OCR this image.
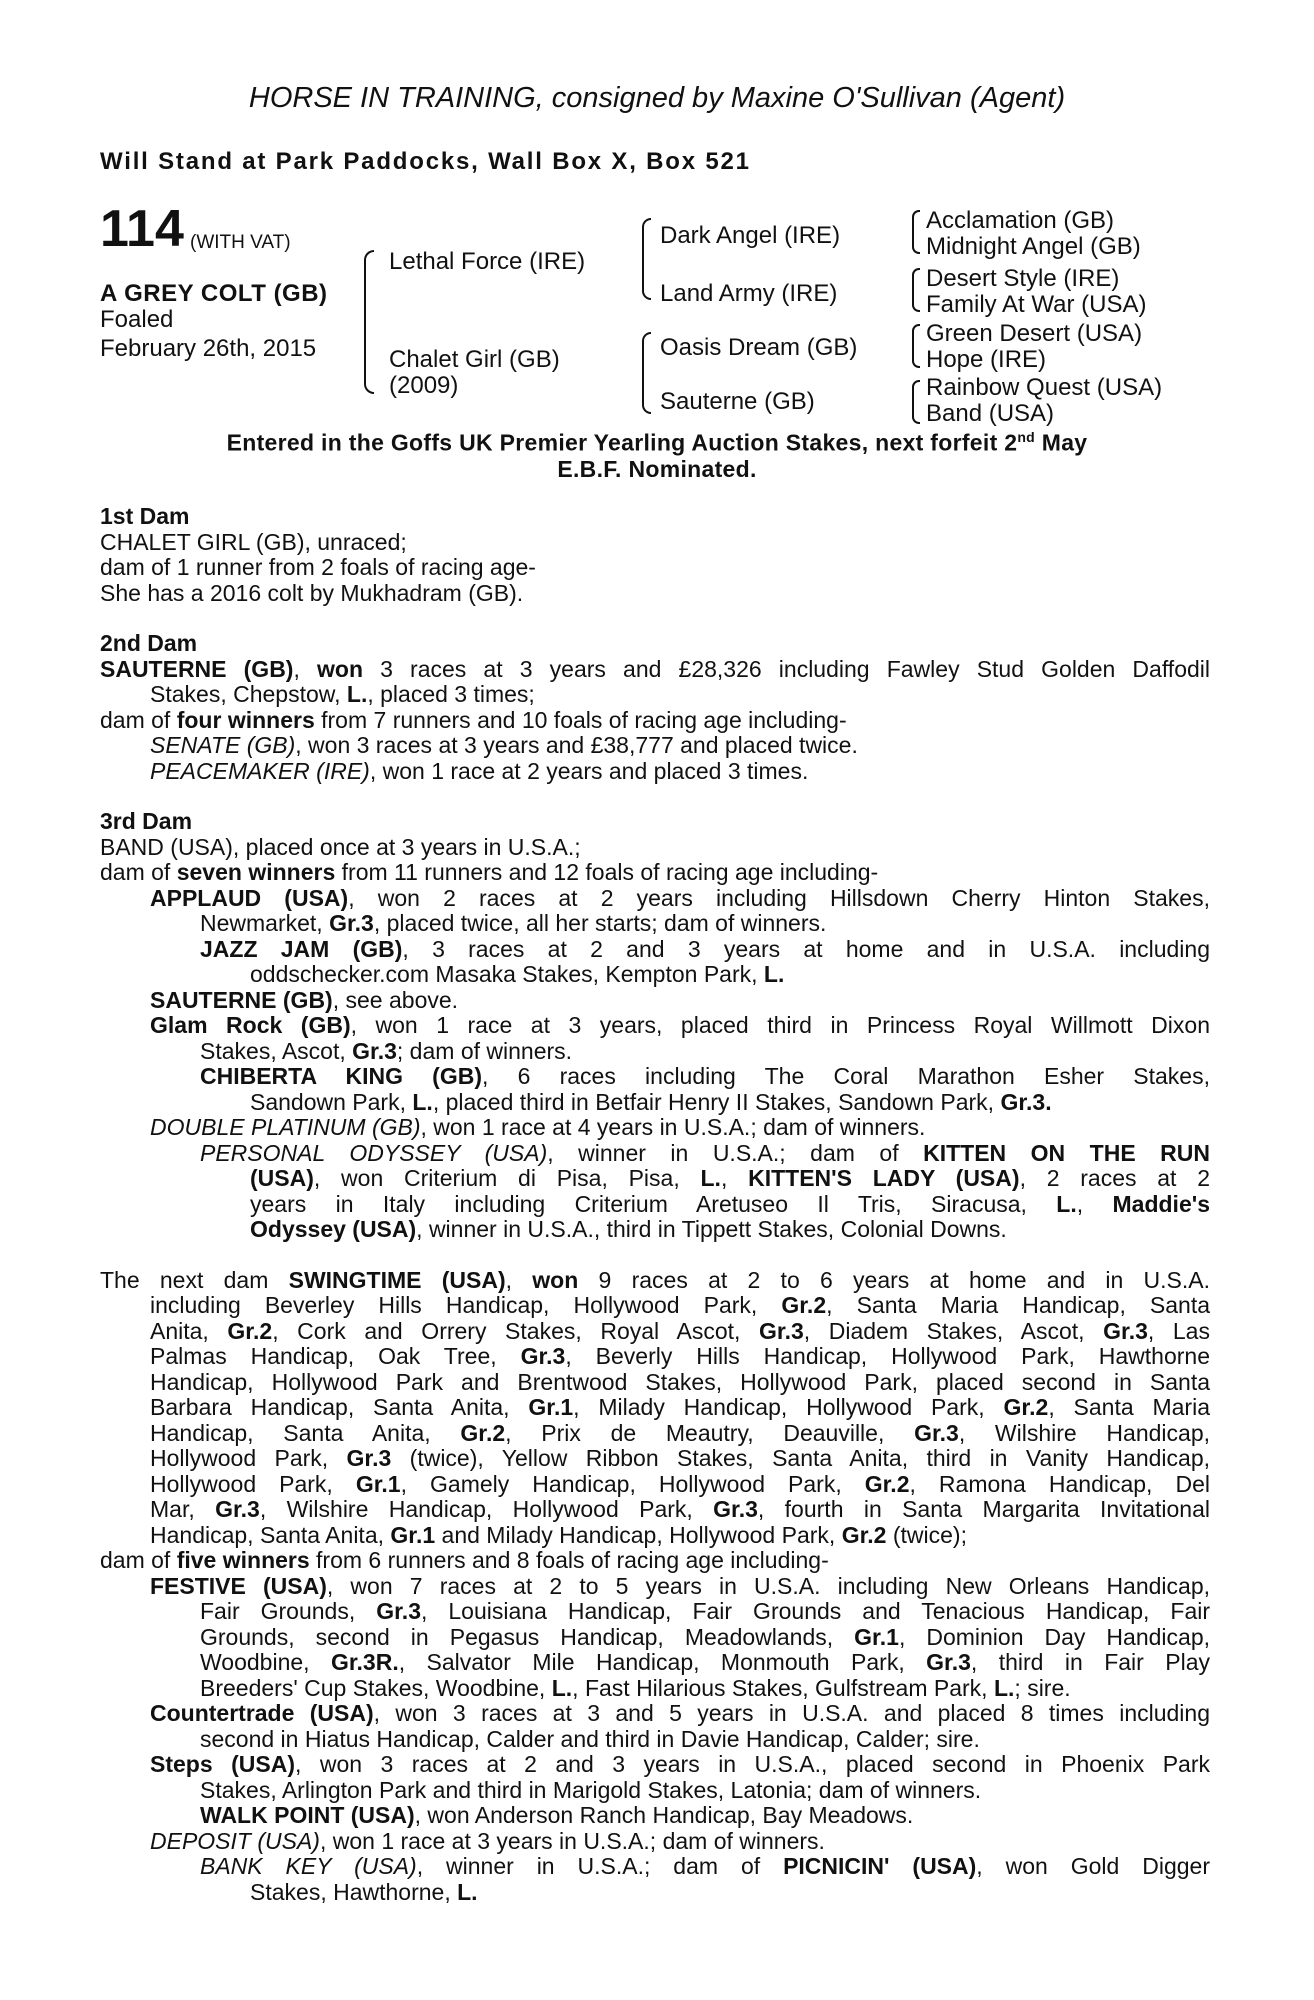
HORSE IN TRAINING, consigned by Maxine O'Sullivan (Agent)
Will Stand at Park Paddocks, Wall Box X, Box 521
114 (WITH VAT)
A GREY COLT (GB)
Foaled
February 26th, 2015
Lethal Force (IRE)
Chalet Girl (GB)
(2009)
Dark Angel (IRE)
Land Army (IRE)
Oasis Dream (GB)
Sauterne (GB)
Acclamation (GB)
Midnight Angel (GB)
Desert Style (IRE)
Family At War (USA)
Green Desert (USA)
Hope (IRE)
Rainbow Quest (USA)
Band (USA)
Entered in the Goffs UK Premier Yearling Auction Stakes, next forfeit 2nd May
E.B.F. Nominated.
1st Dam
CHALET GIRL (GB), unraced;
dam of 1 runner from 2 foals of racing age-
She has a 2016 colt by Mukhadram (GB).
2nd Dam
SAUTERNE (GB), won 3 races at 3 years and £28,326 including Fawley Stud Golden Daffodil
Stakes, Chepstow, L., placed 3 times;
dam of four winners from 7 runners and 10 foals of racing age including-
SENATE (GB), won 3 races at 3 years and £38,777 and placed twice.
PEACEMAKER (IRE), won 1 race at 2 years and placed 3 times.
3rd Dam
BAND (USA), placed once at 3 years in U.S.A.;
dam of seven winners from 11 runners and 12 foals of racing age including-
APPLAUD (USA), won 2 races at 2 years including Hillsdown Cherry Hinton Stakes,
Newmarket, Gr.3, placed twice, all her starts; dam of winners.
JAZZ JAM (GB), 3 races at 2 and 3 years at home and in U.S.A. including
oddschecker.com Masaka Stakes, Kempton Park, L.
SAUTERNE (GB), see above.
Glam Rock (GB), won 1 race at 3 years, placed third in Princess Royal Willmott Dixon
Stakes, Ascot, Gr.3; dam of winners.
CHIBERTA KING (GB), 6 races including The Coral Marathon Esher Stakes,
Sandown Park, L., placed third in Betfair Henry II Stakes, Sandown Park, Gr.3.
DOUBLE PLATINUM (GB), won 1 race at 4 years in U.S.A.; dam of winners.
PERSONAL ODYSSEY (USA), winner in U.S.A.; dam of KITTEN ON THE RUN
(USA), won Criterium di Pisa, Pisa, L., KITTEN'S LADY (USA), 2 races at 2
years in Italy including Criterium Aretuseo Il Tris, Siracusa, L., Maddie's
Odyssey (USA), winner in U.S.A., third in Tippett Stakes, Colonial Downs.
The next dam SWINGTIME (USA), won 9 races at 2 to 6 years at home and in U.S.A.
including Beverley Hills Handicap, Hollywood Park, Gr.2, Santa Maria Handicap, Santa
Anita, Gr.2, Cork and Orrery Stakes, Royal Ascot, Gr.3, Diadem Stakes, Ascot, Gr.3, Las
Palmas Handicap, Oak Tree, Gr.3, Beverly Hills Handicap, Hollywood Park, Hawthorne
Handicap, Hollywood Park and Brentwood Stakes, Hollywood Park, placed second in Santa
Barbara Handicap, Santa Anita, Gr.1, Milady Handicap, Hollywood Park, Gr.2, Santa Maria
Handicap, Santa Anita, Gr.2, Prix de Meautry, Deauville, Gr.3, Wilshire Handicap,
Hollywood Park, Gr.3 (twice), Yellow Ribbon Stakes, Santa Anita, third in Vanity Handicap,
Hollywood Park, Gr.1, Gamely Handicap, Hollywood Park, Gr.2, Ramona Handicap, Del
Mar, Gr.3, Wilshire Handicap, Hollywood Park, Gr.3, fourth in Santa Margarita Invitational
Handicap, Santa Anita, Gr.1 and Milady Handicap, Hollywood Park, Gr.2 (twice);
dam of five winners from 6 runners and 8 foals of racing age including-
FESTIVE (USA), won 7 races at 2 to 5 years in U.S.A. including New Orleans Handicap,
Fair Grounds, Gr.3, Louisiana Handicap, Fair Grounds and Tenacious Handicap, Fair
Grounds, second in Pegasus Handicap, Meadowlands, Gr.1, Dominion Day Handicap,
Woodbine, Gr.3R., Salvator Mile Handicap, Monmouth Park, Gr.3, third in Fair Play
Breeders' Cup Stakes, Woodbine, L., Fast Hilarious Stakes, Gulfstream Park, L.; sire.
Countertrade (USA), won 3 races at 3 and 5 years in U.S.A. and placed 8 times including
second in Hiatus Handicap, Calder and third in Davie Handicap, Calder; sire.
Steps (USA), won 3 races at 2 and 3 years in U.S.A., placed second in Phoenix Park
Stakes, Arlington Park and third in Marigold Stakes, Latonia; dam of winners.
WALK POINT (USA), won Anderson Ranch Handicap, Bay Meadows.
DEPOSIT (USA), won 1 race at 3 years in U.S.A.; dam of winners.
BANK KEY (USA), winner in U.S.A.; dam of PICNICIN' (USA), won Gold Digger
Stakes, Hawthorne, L.
